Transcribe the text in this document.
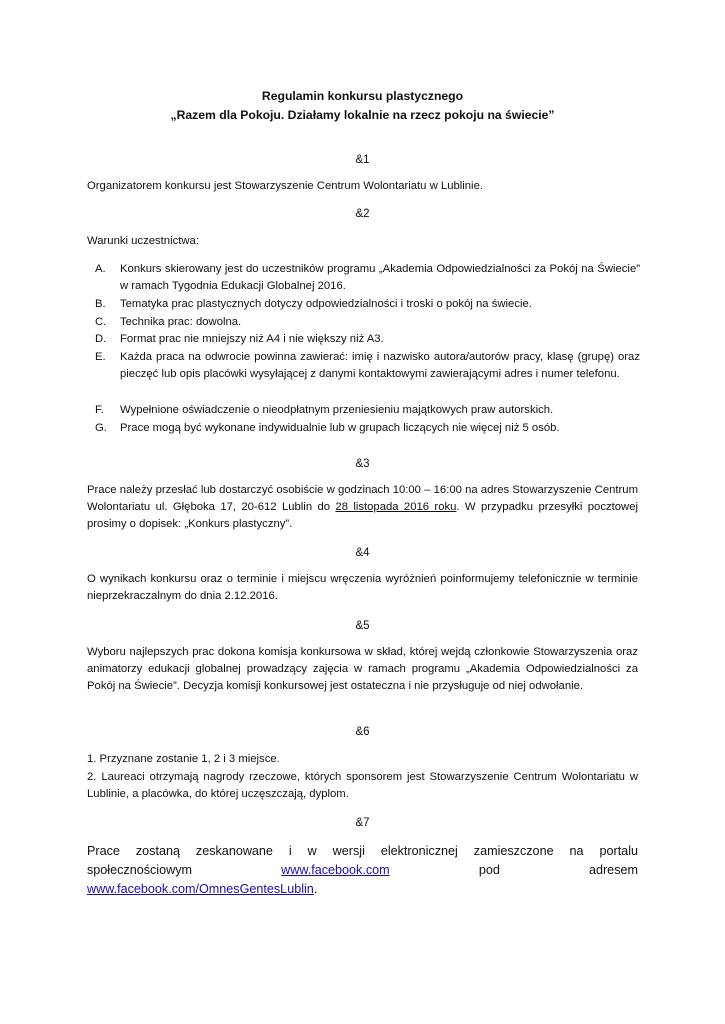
Regulamin konkursu plastycznego
„Razem dla Pokoju. Działamy lokalnie na rzecz pokoju na świecie”
&1
Organizatorem konkursu jest Stowarzyszenie Centrum Wolontariatu w Lublinie.
&2
Warunki uczestnictwa:
A.	Konkurs skierowany jest do uczestników programu „Akademia Odpowiedzialności za Pokój na Świecie” w ramach Tygodnia Edukacji Globalnej 2016.
B.	Tematyka prac plastycznych dotyczy odpowiedzialności i troski o pokój na świecie.
C.	Technika prac: dowolna.
D.	Format prac nie mniejszy niż A4 i nie większy niż A3.
E.	Każda praca na odwrocie powinna zawierać: imię i nazwisko autora/autorów pracy, klasę (grupę) oraz pieczęć lub opis placówki wysyłającej z danymi kontaktowymi zawierającymi adres i numer telefonu.
F.	Wypełnione oświadczenie o nieodpłatnym przeniesieniu majątkowych praw autorskich.
G.	Prace mogą być wykonane indywidualnie lub w grupach liczących nie więcej niż 5 osób.
&3
Prace należy przesłać lub dostarczyć osobiście w godzinach 10:00 – 16:00 na adres Stowarzyszenie Centrum Wolontariatu ul. Głęboka 17, 20-612 Lublin do 28 listopada 2016 roku. W przypadku przesyłki pocztowej prosimy o dopisek: „Konkurs plastyczny”.
&4
O wynikach konkursu oraz o terminie i miejscu wręczenia wyróżnień poinformujemy telefonicznie w terminie nieprzekraczalnym do dnia 2.12.2016.
&5
Wyboru najlepszych prac dokona komisja konkursowa w skład, której wejdą członkowie Stowarzyszenia oraz animatorzy edukacji globalnej prowadzący zajęcia w ramach programu „Akademia Odpowiedzialności za Pokój na Świecie”. Decyzja komisji konkursowej jest ostateczna i nie przysługuje od niej odwołanie.
&6
1. Przyznane zostanie 1, 2 i 3 miejsce.
2. Laureaci otrzymają nagrody rzeczowe, których sponsorem jest Stowarzyszenie Centrum Wolontariatu w Lublinie, a placówka, do której uczęszczają, dyplom.
&7
Prace zostaną zeskanowane i w wersji elektronicznej zamieszczone na portalu
społecznościowym	www.facebook.com	pod	adresem
www.facebook.com/OmnesGentesLublin.
